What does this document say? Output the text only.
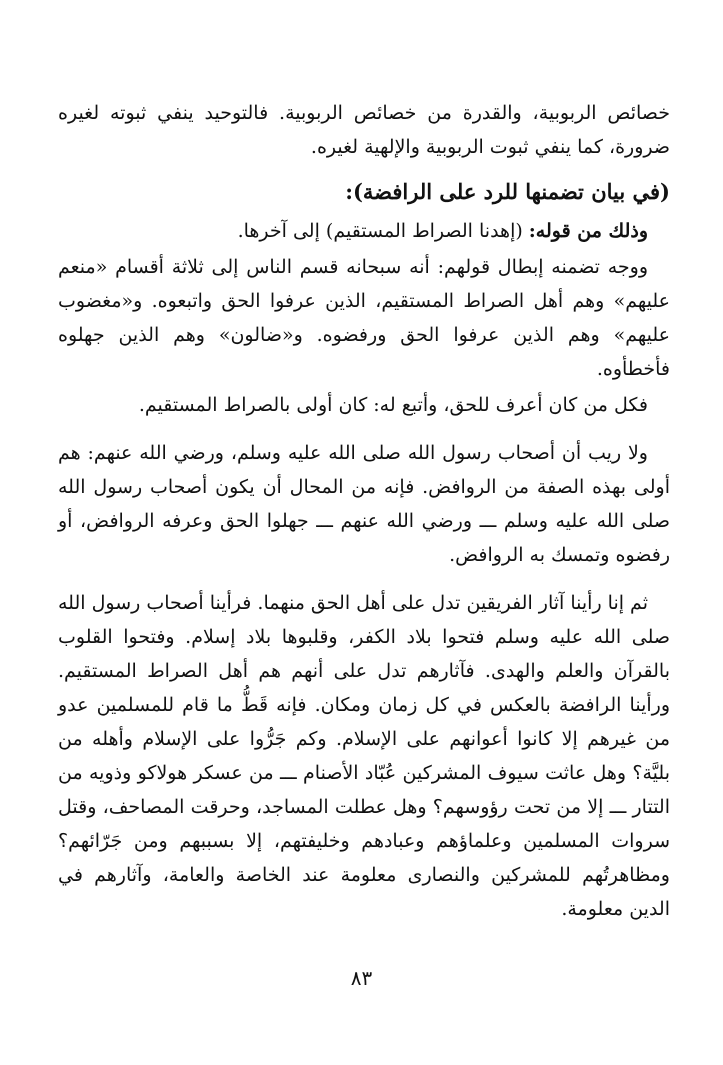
خصائص الربوبية، والقدرة من خصائص الربوبية. فالتوحيد ينفي ثبوته لغيره ضرورة، كما ينفي ثبوت الربوبية والإلهية لغيره.

(في بيان تضمنها للرد على الرافضة):

وذلك من قوله: (إهدنا الصراط المستقيم) إلى آخرها.

ووجه تضمنه إبطال قولهم: أنه سبحانه قسم الناس إلى ثلاثة أقسام «منعم عليهم» وهم أهل الصراط المستقيم، الذين عرفوا الحق واتبعوه. و«مغضوب عليهم» وهم الذين عرفوا الحق ورفضوه. و«ضالون» وهم الذين جهلوه فأخطأوه.

فكل من كان أعرف للحق، وأتبع له: كان أولى بالصراط المستقيم.

ولا ريب أن أصحاب رسول الله صلى الله عليه وسلم، ورضي الله عنهم: هم أولى بهذه الصفة من الروافض. فإنه من المحال أن يكون أصحاب رسول الله صلى الله عليه وسلم ـــ ورضي الله عنهم ـــ جهلوا الحق وعرفه الروافض، أو رفضوه وتمسك به الروافض.

ثم إنا رأينا آثار الفريقين تدل على أهل الحق منهما. فرأينا أصحاب رسول الله صلى الله عليه وسلم فتحوا بلاد الكفر، وقلبوها بلاد إسلام. وفتحوا القلوب بالقرآن والعلم والهدى. فآثارهم تدل على أنهم هم أهل الصراط المستقيم. ورأينا الرافضة بالعكس في كل زمان ومكان. فإنه قَطُّ ما قام للمسلمين عدو من غيرهم إلا كانوا أعوانهم على الإسلام. وكم جَرُّوا على الإسلام وأهله من بليَّة؟ وهل عاثت سيوف المشركين عُبّاد الأصنام ـــ من عسكر هولاكو وذويه من التتار ـــ إلا من تحت رؤوسهم؟ وهل عطلت المساجد، وحرقت المصاحف، وقتل سروات المسلمين وعلماؤهم وعبادهم وخليفتهم، إلا بسببهم ومن جَرّائهم؟ ومظاهرتُهم للمشركين والنصارى معلومة عند الخاصة والعامة، وآثارهم في الدين معلومة.

٨٣
